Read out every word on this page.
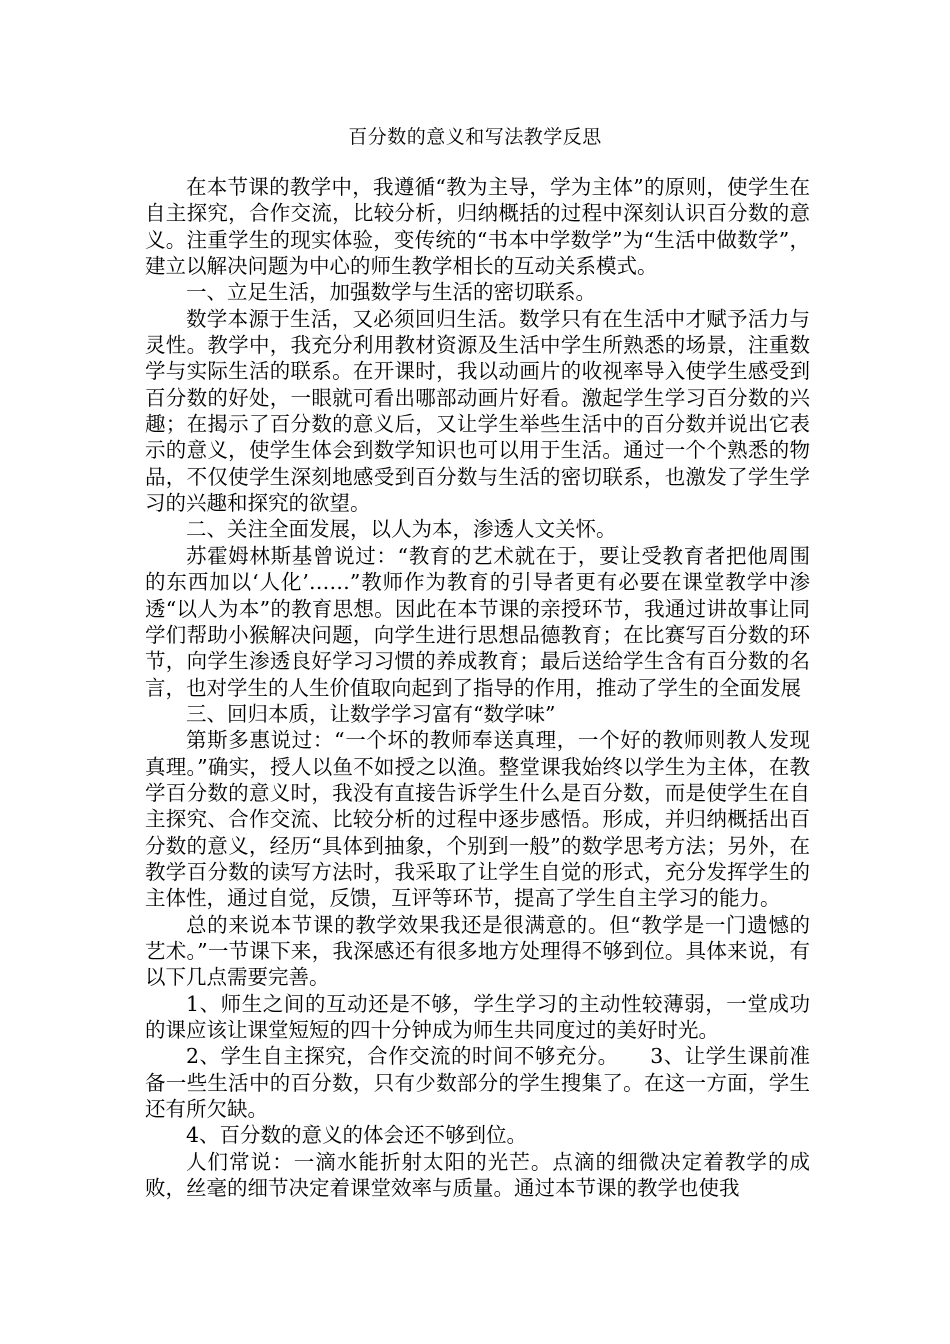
百分数的意义和写法教学反思

在本节课的教学中，我遵循“教为主导，学为主体”的原则，使学生在自主探究，合作交流，比较分析，归纳概括的过程中深刻认识百分数的意义。注重学生的现实体验，变传统的“书本中学数学”为“生活中做数学”，建立以解决问题为中心的师生教学相长的互动关系模式。

一、立足生活，加强数学与生活的密切联系。

数学本源于生活，又必须回归生活。数学只有在生活中才赋予活力与灵性。教学中，我充分利用教材资源及生活中学生所熟悉的场景，注重数学与实际生活的联系。在开课时，我以动画片的收视率导入使学生感受到百分数的好处，一眼就可看出哪部动画片好看。激起学生学习百分数的兴趣；在揭示了百分数的意义后，又让学生举些生活中的百分数并说出它表示的意义，使学生体会到数学知识也可以用于生活。通过一个个熟悉的物品，不仅使学生深刻地感受到百分数与生活的密切联系，也激发了学生学习的兴趣和探究的欲望。

二、关注全面发展，以人为本，渗透人文关怀。

苏霍姆林斯基曾说过：“教育的艺术就在于，要让受教育者把他周围的东西加以‘人化’……”教师作为教育的引导者更有必要在课堂教学中渗透“以人为本”的教育思想。因此在本节课的亲授环节，我通过讲故事让同学们帮助小猴解决问题，向学生进行思想品德教育；在比赛写百分数的环节，向学生渗透良好学习习惯的养成教育；最后送给学生含有百分数的名言，也对学生的人生价值取向起到了指导的作用，推动了学生的全面发展

三、回归本质，让数学学习富有“数学味”

第斯多惠说过：“一个坏的教师奉送真理，一个好的教师则教人发现真理。”确实，授人以鱼不如授之以渔。整堂课我始终以学生为主体，在教学百分数的意义时，我没有直接告诉学生什么是百分数，而是使学生在自主探究、合作交流、比较分析的过程中逐步感悟。形成，并归纳概括出百分数的意义，经历“具体到抽象，个别到一般”的数学思考方法；另外，在教学百分数的读写方法时，我采取了让学生自觉的形式，充分发挥学生的主体性，通过自觉，反馈，互评等环节，提高了学生自主学习的能力。

总的来说本节课的教学效果我还是很满意的。但“教学是一门遗憾的艺术。”一节课下来，我深感还有很多地方处理得不够到位。具体来说，有以下几点需要完善。

1、师生之间的互动还是不够，学生学习的主动性较薄弱，一堂成功的课应该让课堂短短的四十分钟成为师生共同度过的美好时光。

2、学生自主探究，合作交流的时间不够充分。　　3、让学生课前准备一些生活中的百分数，只有少数部分的学生搜集了。在这一方面，学生还有所欠缺。

4、百分数的意义的体会还不够到位。

人们常说：一滴水能折射太阳的光芒。点滴的细微决定着教学的成败，丝毫的细节决定着课堂效率与质量。通过本节课的教学也使我
